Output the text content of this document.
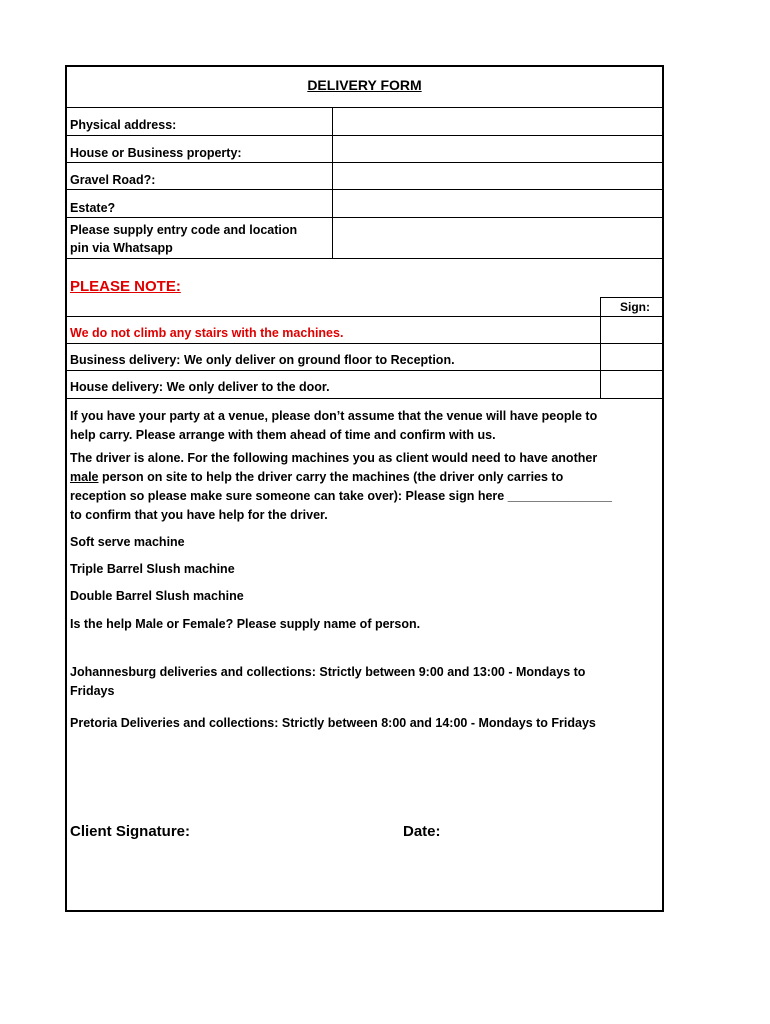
DELIVERY FORM
Physical address:
House or Business property:
Gravel Road?:
Estate?
Please supply entry code and location
pin via Whatsapp
PLEASE NOTE:
Sign:
We do not climb any stairs with the machines.
Business delivery: We only deliver on ground floor to Reception.
House delivery: We only deliver to the door.
If you have your party at a venue, please don’t assume that the venue will have people to
help carry. Please arrange with them ahead of time and confirm with us.
The driver is alone. For the following machines you as client would need to have another
male person on site to help the driver carry the machines (the driver only carries to
reception so please make sure someone can take over): Please sign here _______________
to confirm that you have help for the driver.
Soft serve machine
Triple Barrel Slush machine
Double Barrel Slush machine
Is the help Male or Female? Please supply name of person.
Johannesburg deliveries and collections: Strictly between 9:00 and 13:00 - Mondays to
Fridays
Pretoria Deliveries and collections: Strictly between 8:00 and 14:00 - Mondays to Fridays
Client Signature:	Date:
